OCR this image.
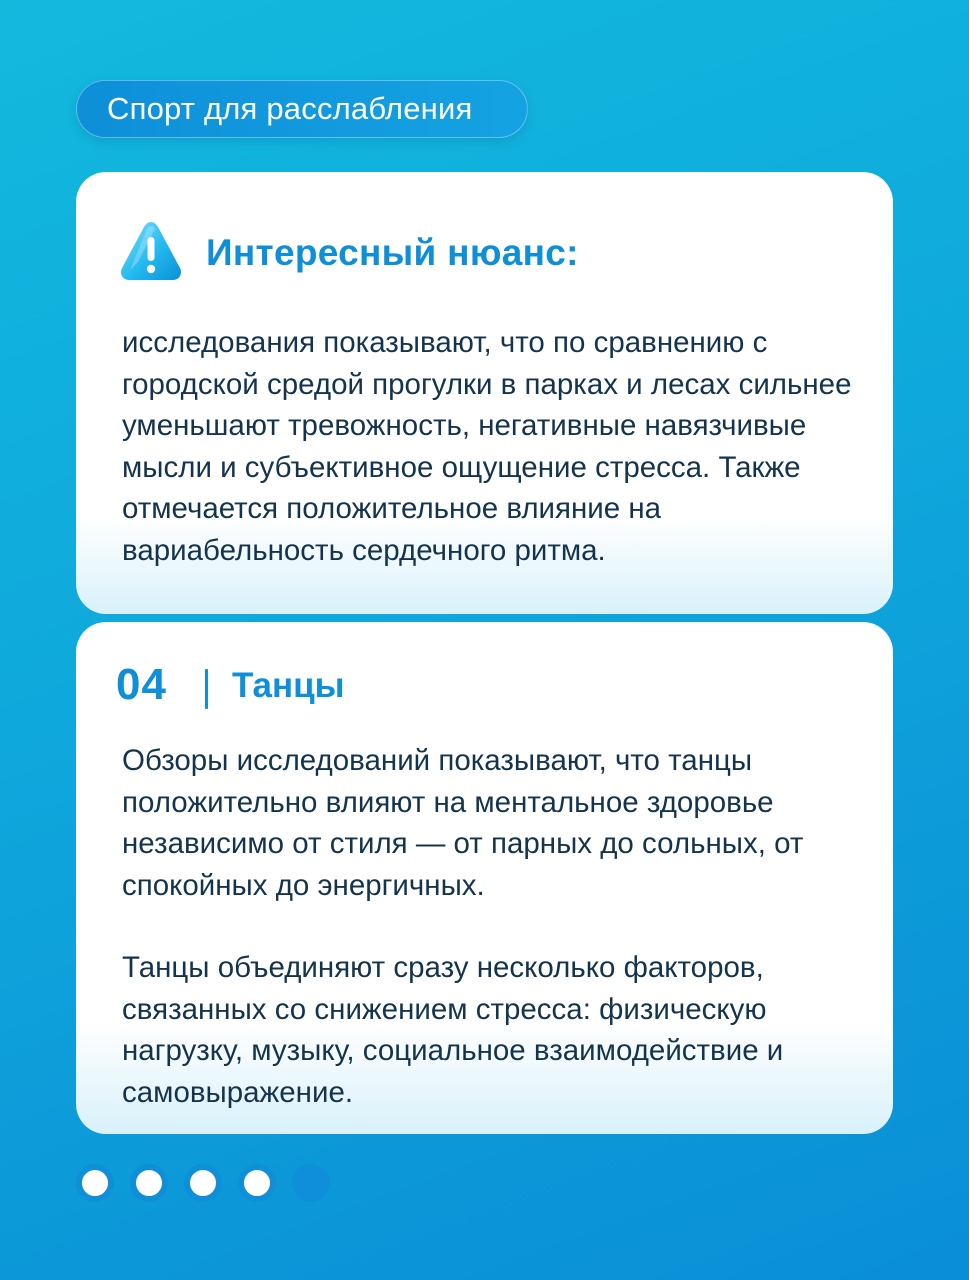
Спорт для расслабления
Интересный нюанс:
исследования показывают, что по сравнению с городской средой прогулки в парках и лесах сильнее уменьшают тревожность, негативные навязчивые мысли и субъективное ощущение стресса. Также отмечается положительное влияние на вариабельность сердечного ритма.
04 Танцы
Обзоры исследований показывают, что танцы положительно влияют на ментальное здоровье независимо от стиля — от парных до сольных, от спокойных до энергичных.
Танцы объединяют сразу несколько факторов, связанных со снижением стресса: физическую нагрузку, музыку, социальное взаимодействие и самовыражение.
